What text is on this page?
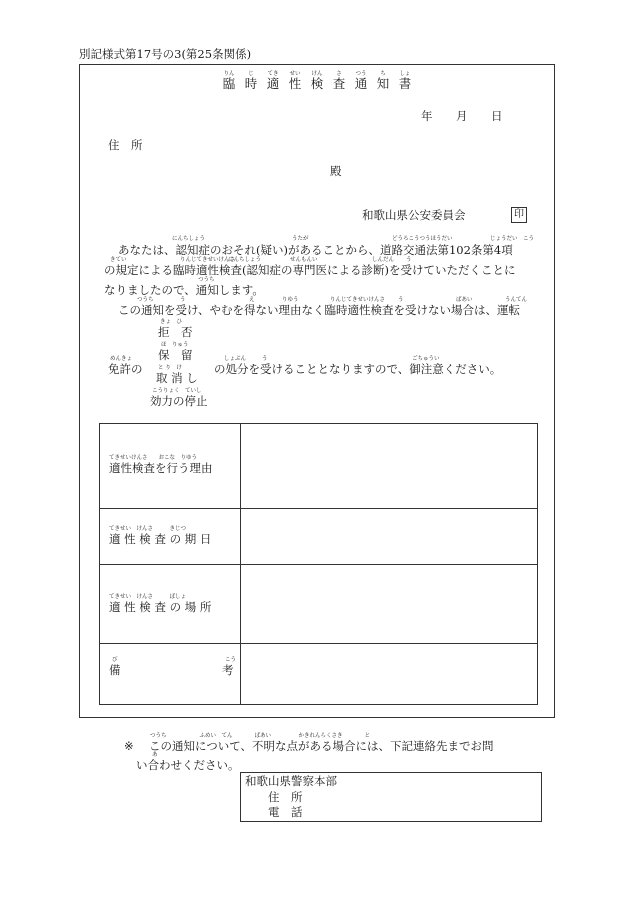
別記様式第17号の3(第25条関係)
りん
臨
じ
時
てき
適
せい
性
けん
検
さ
査
つう
通
ち
知
しょ
書
年 月 日
住　所
殿
和歌山県公安委員会	印
にんちしょう	うたが	どうろこうつうほうだい	じょうだい　こう
あなたは、認知症のおそれ(疑い)があることから、道路交通法第102条第4項
きてい	りんじてきせいけんさ
にんちしょう	せんもんい	しんだん う
の規定による臨時適性検査(認知症の専門医による診断)を受けていただくことに
つうち
なりましたので、通知します。
つうち	う	え	りゆう	りんじてきせいけんさ う	ばあい	うんてん
この通知を受け、やむを得ない理由なく臨時適性検査を受けない場合は、運転
きょ　ひ
拒　否
ほ　りゅう
保　留
めんきょ
免許の
しょぶん	う	ごちゅうい
の処分を受けることとなりますので、御注意ください。
と り　け
取 消 し
こうりょく　ていし
効力の停止
てきせいけんさ　　おこな　りゆう
適性検査を行う理由
てきせい　けんさ　　　きじつ
適 性 検 査 の 期 日
てきせい　けんさ　　　ばしょ
適 性 検 査 の 場 所
び
備
こう
考
つうち　　　　　　ふめい　てん　　　　ばあい　　　　　かきれんらくさき　　　　と
※ この通知について、不明な点がある場合には、下記連絡先までお問
あ
い合わせください。
和歌山県警察本部
住　所
電　話
